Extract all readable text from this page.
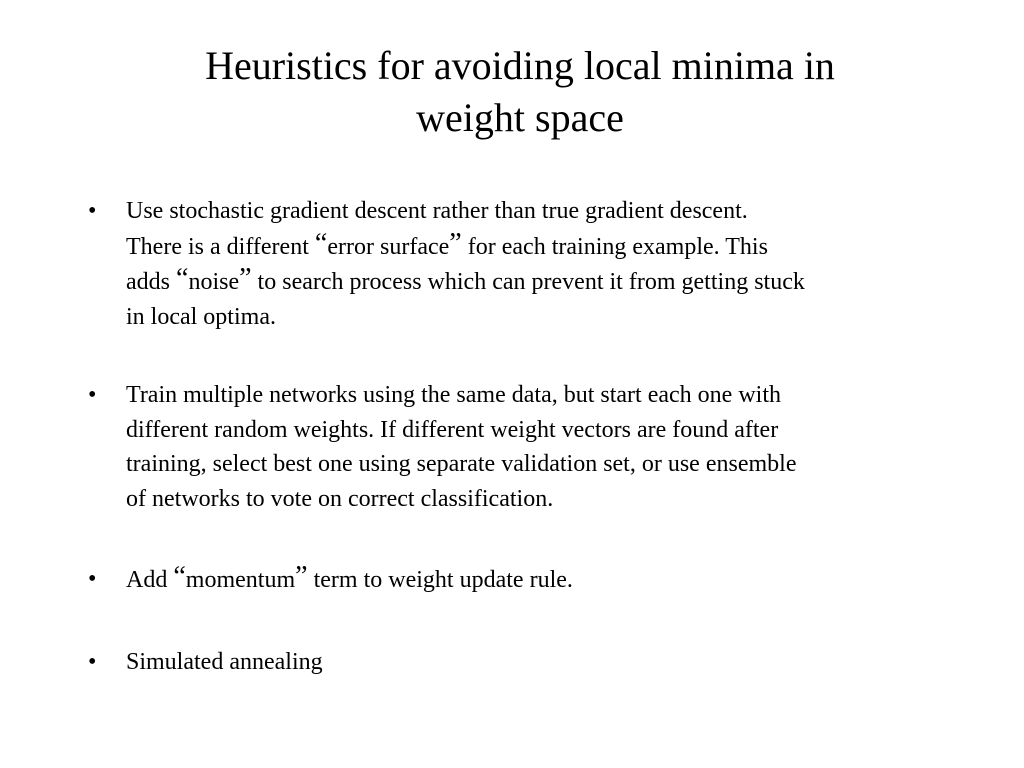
Heuristics for avoiding local minima in
weight space
•	Use stochastic gradient descent rather than true gradient descent.
There is a different “error surface” for each training example. This
adds “noise” to search process which can prevent it from getting stuck
in local optima.
•	Train multiple networks using the same data, but start each one with
different random weights. If different weight vectors are found after
training, select best one using separate validation set, or use ensemble
of networks to vote on correct classification.
•	Add “momentum” term to weight update rule.
•	Simulated annealing
